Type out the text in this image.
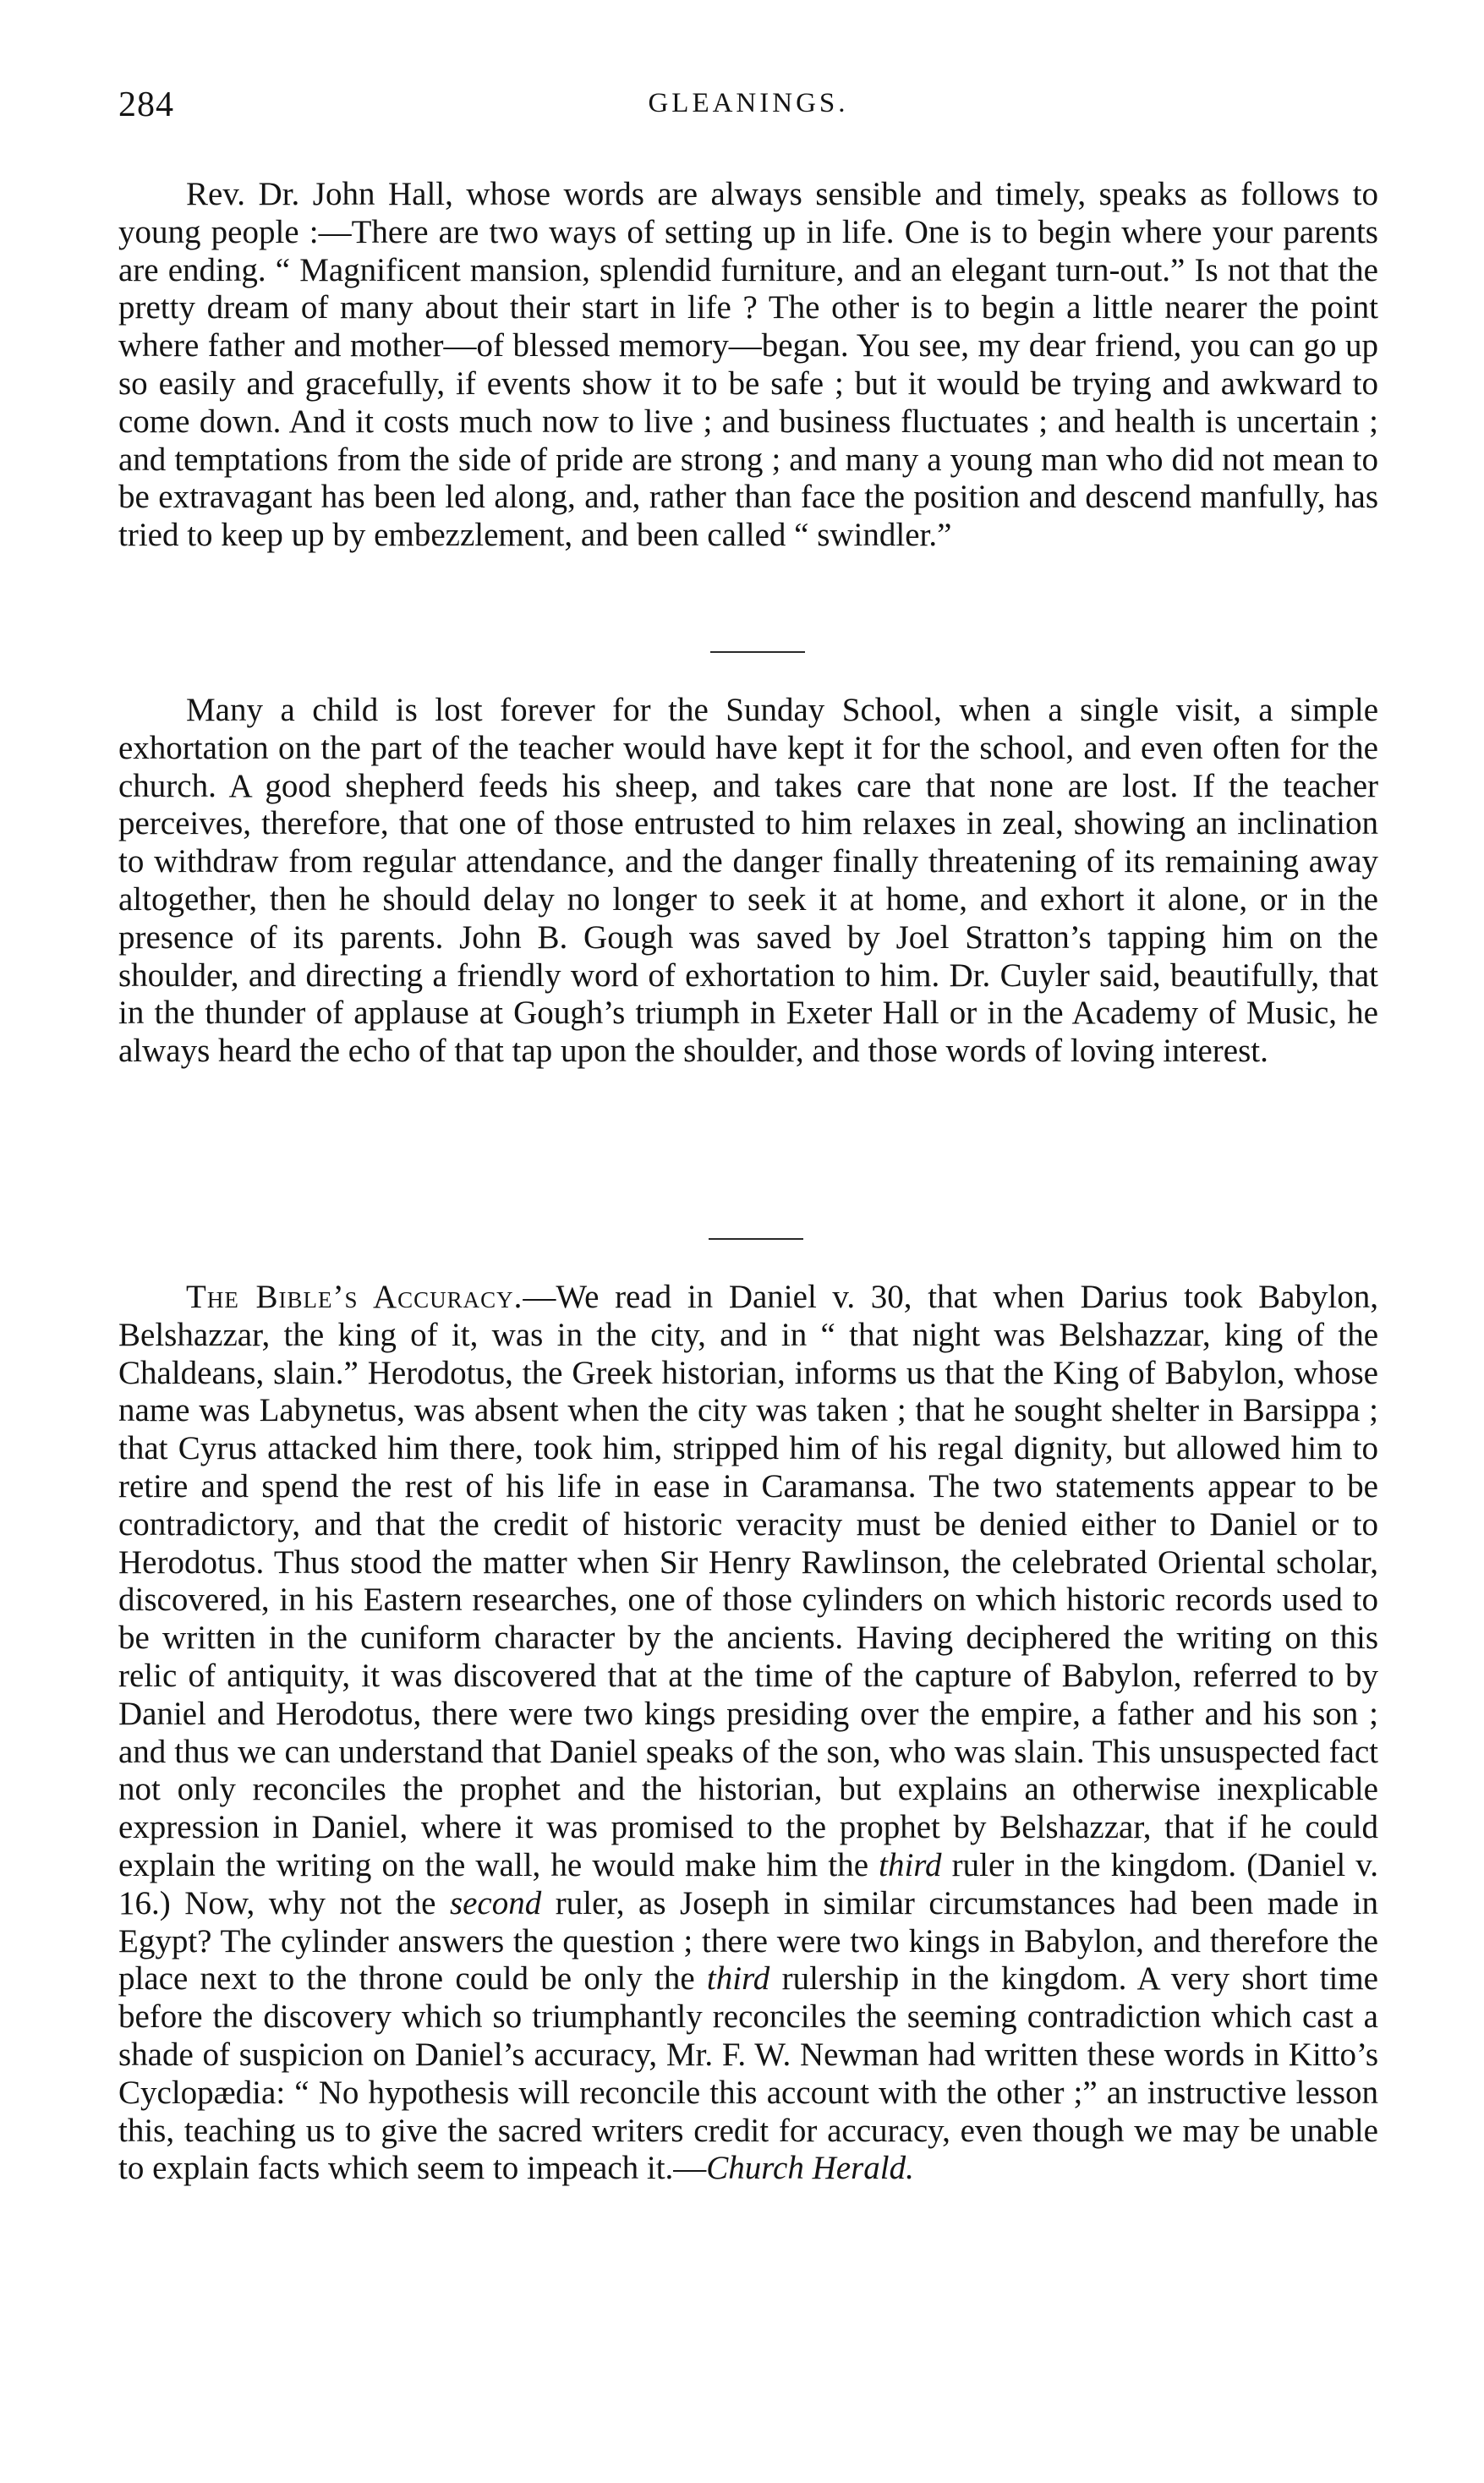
284	GLEANINGS.

Rev. Dr. John Hall, whose words are always sensible and timely, speaks as follows to young people :—There are two ways of setting up in life. One is to begin where your parents are ending. “ Magnificent mansion, splendid furniture, and an elegant turn-out.” Is not that the pretty dream of many about their start in life ? The other is to begin a little nearer the point where father and mother—of blessed memory—began. You see, my dear friend, you can go up so easily and gracefully, if events show it to be safe ; but it would be trying and awkward to come down. And it costs much now to live ; and business fluctuates ; and health is uncertain ; and temptations from the side of pride are strong ; and many a young man who did not mean to be extravagant has been led along, and, rather than face the position and descend manfully, has tried to keep up by embezzlement, and been called “ swindler.”

Many a child is lost forever for the Sunday School, when a single visit, a simple exhortation on the part of the teacher would have kept it for the school, and even often for the church. A good shepherd feeds his sheep, and takes care that none are lost. If the teacher perceives, therefore, that one of those entrusted to him relaxes in zeal, showing an inclination to withdraw from regular attendance, and the danger finally threatening of its remaining away altogether, then he should delay no longer to seek it at home, and exhort it alone, or in the presence of its parents. John B. Gough was saved by Joel Stratton’s tapping him on the shoulder, and directing a friendly word of exhortation to him. Dr. Cuyler said, beautifully, that in the thunder of applause at Gough’s triumph in Exeter Hall or in the Academy of Music, he always heard the echo of that tap upon the shoulder, and those words of loving interest.

The Bible’s Accuracy.—We read in Daniel v. 30, that when Darius took Babylon, Belshazzar, the king of it, was in the city, and in “ that night was Belshazzar, king of the Chaldeans, slain.” Herodotus, the Greek historian, informs us that the King of Babylon, whose name was Labynetus, was absent when the city was taken ; that he sought shelter in Barsippa ; that Cyrus attacked him there, took him, stripped him of his regal dignity, but allowed him to retire and spend the rest of his life in ease in Caramansa. The two statements appear to be contradictory, and that the credit of historic veracity must be denied either to Daniel or to Herodotus. Thus stood the matter when Sir Henry Rawlinson, the celebrated Oriental scholar, discovered, in his Eastern researches, one of those cylinders on which historic records used to be written in the cuniform character by the ancients. Having deciphered the writing on this relic of antiquity, it was discovered that at the time of the capture of Babylon, referred to by Daniel and Herodotus, there were two kings presiding over the empire, a father and his son ; and thus we can understand that Daniel speaks of the son, who was slain. This unsuspected fact not only reconciles the prophet and the historian, but explains an otherwise inexplicable expression in Daniel, where it was promised to the prophet by Belshazzar, that if he could explain the writing on the wall, he would make him the third ruler in the kingdom. (Daniel v. 16.) Now, why not the second ruler, as Joseph in similar circumstances had been made in Egypt? The cylinder answers the question ; there were two kings in Babylon, and therefore the place next to the throne could be only the third rulership in the kingdom. A very short time before the discovery which so triumphantly reconciles the seeming contradiction which cast a shade of suspicion on Daniel’s accuracy, Mr. F. W. Newman had written these words in Kitto’s Cyclopædia: “ No hypothesis will reconcile this account with the other ;” an instructive lesson this, teaching us to give the sacred writers credit for accuracy, even though we may be unable to explain facts which seem to impeach it.—Church Herald.
